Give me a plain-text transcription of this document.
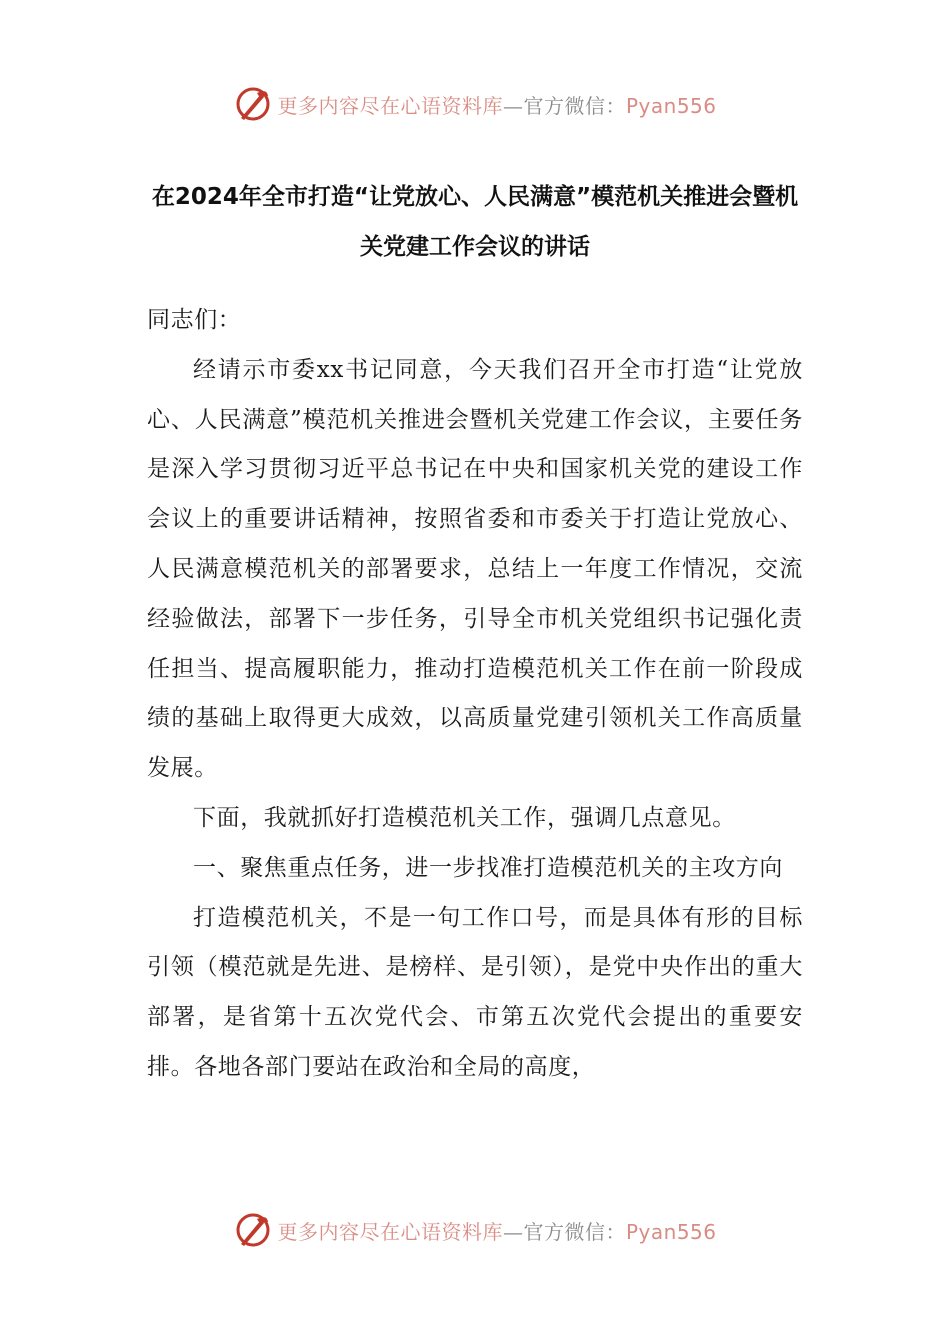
更多内容尽在心语资料库—官方微信：Pyan556
在2024年全市打造“让党放心、人民满意”模范机关推进会暨机关党建工作会议的讲话

同志们：

经请示市委xx书记同意，今天我们召开全市打造“让党放心、人民满意”模范机关推进会暨机关党建工作会议，主要任务是深入学习贯彻习近平总书记在中央和国家机关党的建设工作会议上的重要讲话精神，按照省委和市委关于打造让党放心、人民满意模范机关的部署要求，总结上一年度工作情况，交流经验做法，部署下一步任务，引导全市机关党组织书记强化责任担当、提高履职能力，推动打造模范机关工作在前一阶段成绩的基础上取得更大成效，以高质量党建引领机关工作高质量发展。

下面，我就抓好打造模范机关工作，强调几点意见。

一、聚焦重点任务，进一步找准打造模范机关的主攻方向

打造模范机关，不是一句工作口号，而是具体有形的目标引领（模范就是先进、是榜样、是引领），是党中央作出的重大部署，是省第十五次党代会、市第五次党代会提出的重要安排。各地各部门要站在政治和全局的高度，

更多内容尽在心语资料库—官方微信：Pyan556
